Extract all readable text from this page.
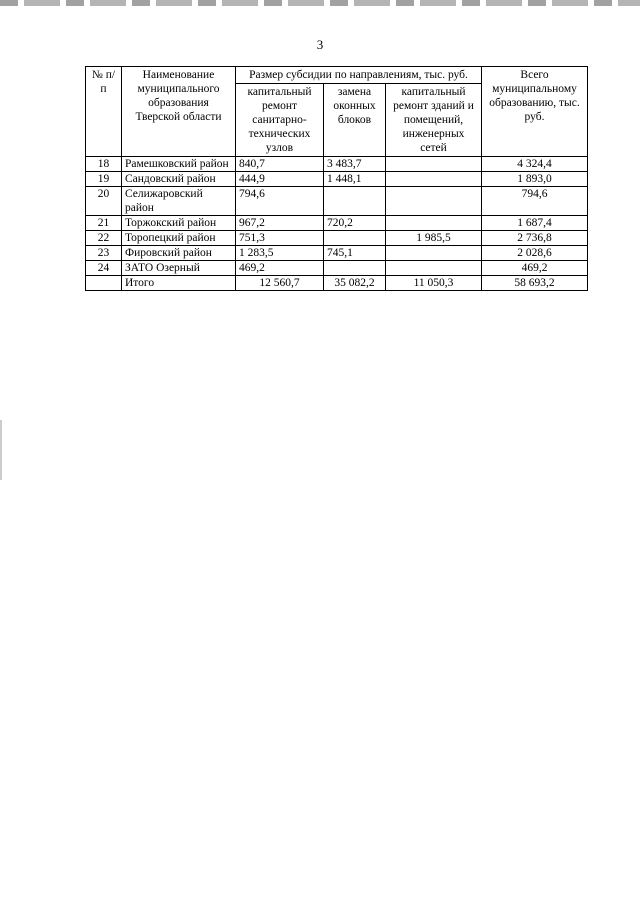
3
№ п/п	Наименование муниципального образования Тверской области	Размер субсидии по направлениям, тыс. руб.			Всего муниципальному образованию, тыс. руб.
		капитальный ремонт санитарно-технических узлов	замена оконных блоков	капитальный ремонт зданий и помещений, инженерных сетей	
18	Рамешковский район	840,7	3 483,7		4 324,4
19	Сандовский район	444,9	1 448,1		1 893,0
20	Селижаровский район	794,6			794,6
21	Торжокский район	967,2	720,2		1 687,4
22	Торопецкий район	751,3		1 985,5	2 736,8
23	Фировский район	1 283,5	745,1		2 028,6
24	ЗАТО Озерный	469,2			469,2
	Итого	12 560,7	35 082,2	11 050,3	58 693,2
